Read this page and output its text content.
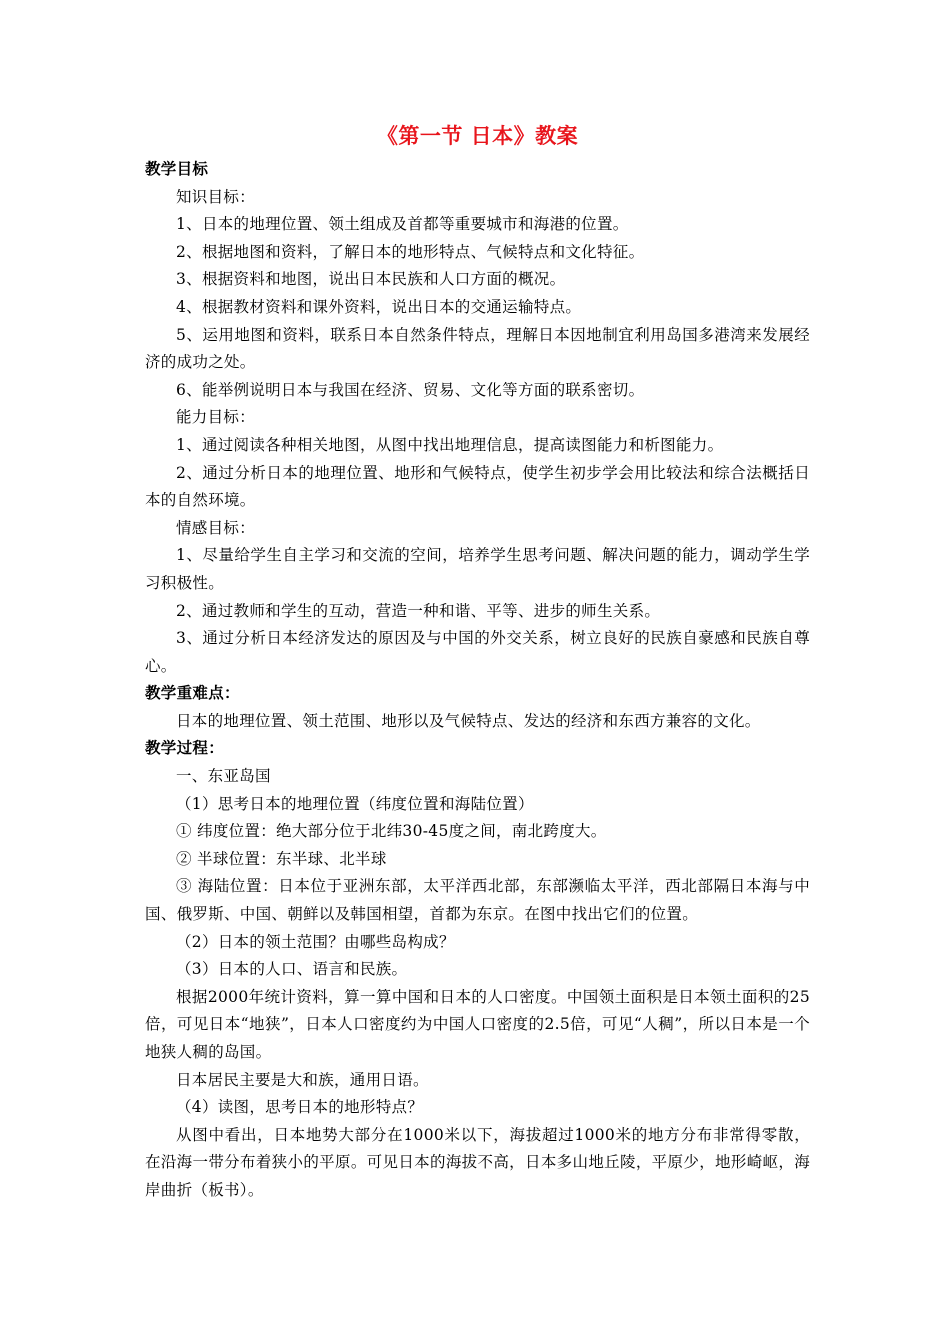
《第一节 日本》教案

教学目标

知识目标：

1、日本的地理位置、领土组成及首都等重要城市和海港的位置。

2、根据地图和资料，了解日本的地形特点、气候特点和文化特征。

3、根据资料和地图，说出日本民族和人口方面的概况。

4、根据教材资料和课外资料，说出日本的交通运输特点。

5、运用地图和资料，联系日本自然条件特点，理解日本因地制宜利用岛国多港湾来发展经济的成功之处。

6、能举例说明日本与我国在经济、贸易、文化等方面的联系密切。

能力目标：

1、通过阅读各种相关地图，从图中找出地理信息，提高读图能力和析图能力。

2、通过分析日本的地理位置、地形和气候特点，使学生初步学会用比较法和综合法概括日本的自然环境。

情感目标：

1、尽量给学生自主学习和交流的空间，培养学生思考问题、解决问题的能力，调动学生学习积极性。

2、通过教师和学生的互动，营造一种和谐、平等、进步的师生关系。

3、通过分析日本经济发达的原因及与中国的外交关系，树立良好的民族自豪感和民族自尊心。

教学重难点：

日本的地理位置、领土范围、地形以及气候特点、发达的经济和东西方兼容的文化。

教学过程：

一、东亚岛国

（1）思考日本的地理位置（纬度位置和海陆位置）

① 纬度位置：绝大部分位于北纬30-45度之间，南北跨度大。

② 半球位置：东半球、北半球

③ 海陆位置：日本位于亚洲东部，太平洋西北部，东部濒临太平洋，西北部隔日本海与中国、俄罗斯、中国、朝鲜以及韩国相望，首都为东京。在图中找出它们的位置。

（2）日本的领土范围？由哪些岛构成？

（3）日本的人口、语言和民族。

根据2000年统计资料，算一算中国和日本的人口密度。中国领土面积是日本领土面积的25倍，可见日本“地狭”，日本人口密度约为中国人口密度的2.5倍，可见“人稠”，所以日本是一个地狭人稠的岛国。

日本居民主要是大和族，通用日语。

（4）读图，思考日本的地形特点？

从图中看出，日本地势大部分在1000米以下，海拔超过1000米的地方分布非常得零散，在沿海一带分布着狭小的平原。可见日本的海拔不高，日本多山地丘陵，平原少，地形崎岖，海岸曲折（板书）。
